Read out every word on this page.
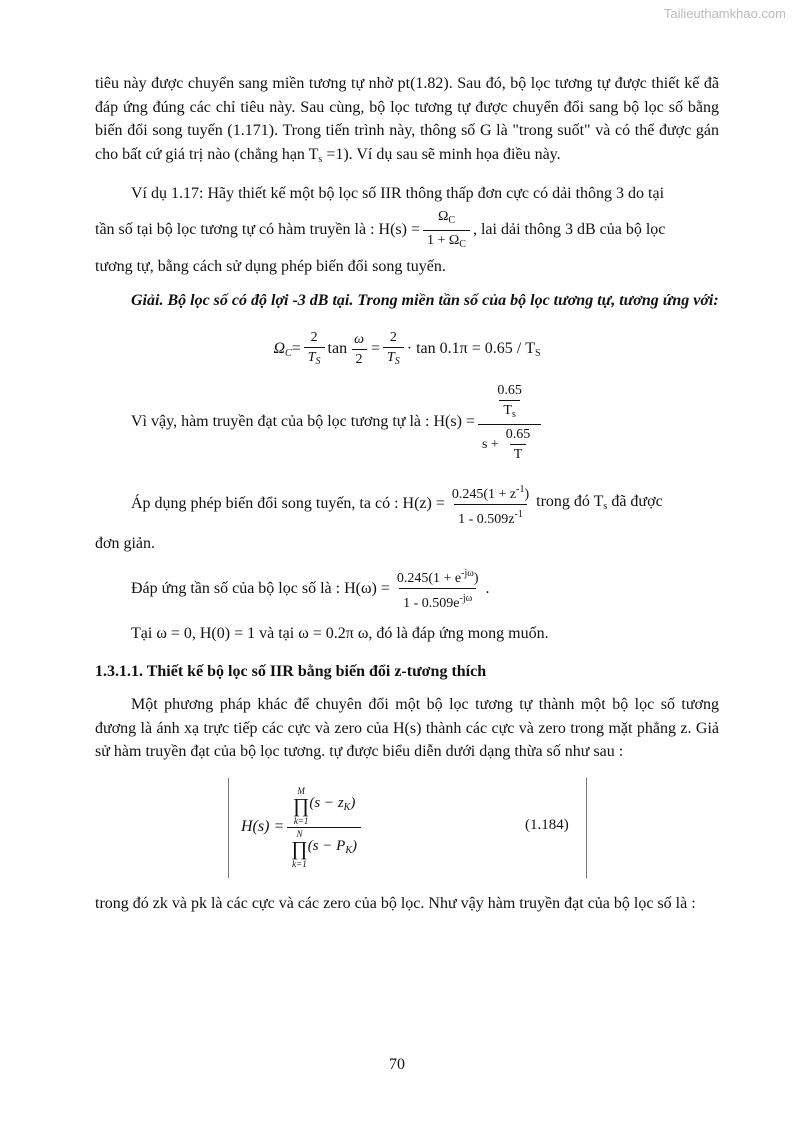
Tailieuthamkhao.com

tiêu này được chuyển sang miền tương tự nhờ pt(1.82). Sau đó, bộ lọc tương tự được thiết kế đã đáp ứng đúng các chỉ tiêu này. Sau cùng, bộ lọc tương tự được chuyển đổi sang bộ lọc số bằng biến đổi song tuyến (1.171). Trong tiến trình này, thông số G là "trong suốt" và có thể được gán cho bất cứ giá trị nào (chẳng hạn $T_s =1$). Ví dụ sau sẽ minh họa điều này.

Ví dụ 1.17: Hãy thiết kế một bộ lọc số IIR thông thấp đơn cực có dải thông 3 do tại

tần số tại bộ lọc tương tự có hàm truyền là : $H(s) = \frac{\Omega_C}{1 + \Omega_C}$ , lai dải thông 3 dB của bộ lọc

tương tự, bằng cách sử dụng phép biến đổi song tuyến.

Giải. Bộ lọc số có độ lợi -3 dB tại. Trong miền tần số của bộ lọc tương tự, tương ứng với:

$\Omega_C = \frac{2}{T_S}$ $\tan \frac{\omega}{2} = \frac{2}{T_S} \cdot \tan 0.1\pi = 0.65 / T_S$
Vì vậy, hàm truyền đạt của bộ lọc tương tự là : $H(s) = \frac{\frac{0.65}{T_s}}{s + \frac{0.65}{T}}$
Áp dụng phép biến đổi song tuyến, ta có : $H(z) = \frac{0.245(1 + z^{-1})}{1 - 0.509z^{-1}}$ trong đó $T_s$ đã được

đơn giản.

Đáp ứng tần số của bộ lọc số là : $H(\omega) = \frac{0.245(1 + e^{-j\omega})}{1 - 0.509e^{-j\omega}}$ .

Tại ω = 0, H(0) = 1 và tại ω = 0.2π ω, đó là đáp ứng mong muốn.

1.3.1.1. Thiết kế bộ lọc số IIR bằng biến đổi z-tương thích

Một phương pháp khác để chuyên đổi một bộ lọc tương tự thành một bộ lọc số tương đương là ánh xạ trực tiếp các cực và zero của H(s) thành các cực và zero trong mặt phẳng z. Giả sử hàm truyền đạt của bộ lọc tương. tự được biểu diễn dưới dạng thừa số như sau :

H(s) =
M
∏
k=1
$(s - z_K)$
N
∏
k=1
$(s - P_K)$
(1.184)

trong đó zk và pk là các cực và các zero của bộ lọc. Như vậy hàm truyền đạt của bộ lọc số là :

70
